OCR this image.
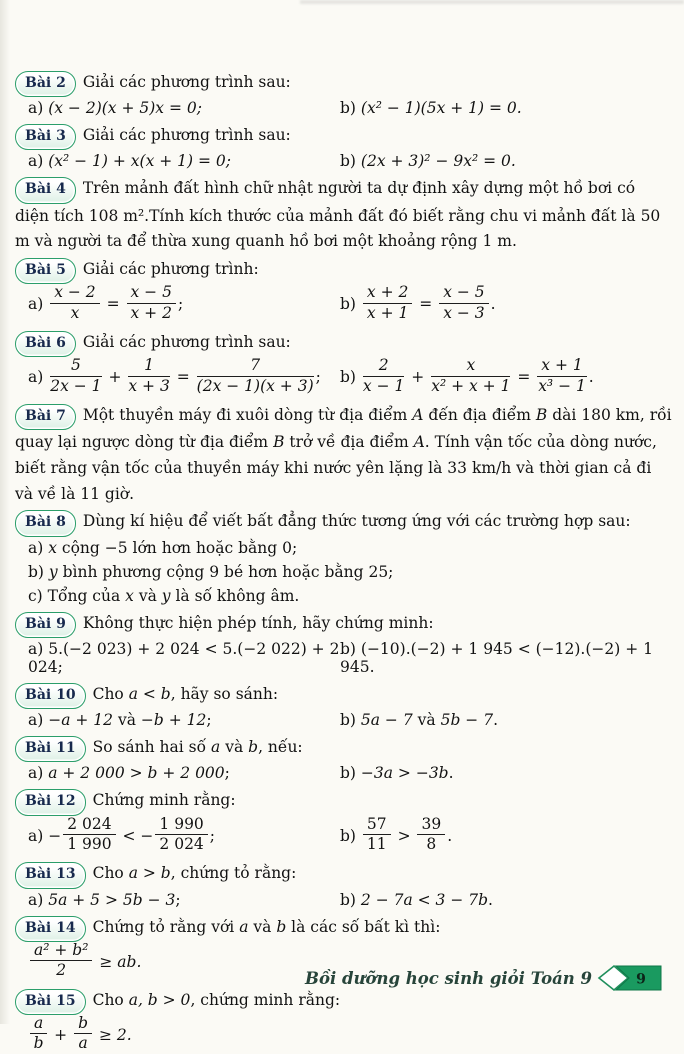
Bài 2 Giải các phương trình sau:

a) (x − 2)(x + 5)x = 0;	b) (x² − 1)(5x + 1) = 0.

Bài 3 Giải các phương trình sau:

a) (x² − 1) + x(x + 1) = 0;	b) (2x + 3)² − 9x² = 0.

Bài 4 Trên mảnh đất hình chữ nhật người ta dự định xây dựng một hồ bơi có diện tích 108 m².Tính kích thước của mảnh đất đó biết rằng chu vi mảnh đất là 50 m và người ta để thừa xung quanh hồ bơi một khoảng rộng 1 m.

Bài 5 Giải các phương trình:

$a) \frac{x - 2}{x} = \frac{x - 5}{x + 2}$ ;	$b) \frac{x + 2}{x + 1} = \frac{x - 5}{x - 3}$ .

Bài 6 Giải các phương trình sau:

$a) \frac{5}{2x - 1} + \frac{1}{x + 3} = \frac{7}{(2x - 1)(x + 3)}$ ;	$b) \frac{2}{x - 1} + \frac{x}{\text{x² + x + 1}} = \frac{x + 1}{\text{x³ − 1}}$ .

Bài 7 Một thuyền máy đi xuôi dòng từ địa điểm A đến địa điểm B dài 180 km, rồi quay lại ngược dòng từ địa điểm B trở về địa điểm A. Tính vận tốc của dòng nước, biết rằng vận tốc của thuyền máy khi nước yên lặng là 33 km/h và thời gian cả đi và về là 11 giờ.

Bài 8 Dùng kí hiệu để viết bất đẳng thức tương ứng với các trường hợp sau:

a) x cộng −5 lớn hơn hoặc bằng 0;
b) y bình phương cộng 9 bé hơn hoặc bằng 25;
c) Tổng của x và y là số không âm.

Bài 9 Không thực hiện phép tính, hãy chứng minh:

a) 5.(−2 023) + 2 024 < 5.(−2 022) + 2 024;
b) (−10).(−2) + 1 945 < (−12).(−2) + 1 945.

Bài 10 Cho a < b, hãy so sánh:

a) −a + 12 và −b + 12;	b) 5a − 7 và 5b − 7.

Bài 11 So sánh hai số a và b, nếu:

a) a + 2 000 > b + 2 000;	b) −3a > −3b.

Bài 12 Chứng minh rằng:

$a) - \frac{2 024}{1 990}$ < − $\frac{1 990}{2 024}$ ;	$b) \frac{57}{11} > \frac{39}{8}$ .

Bài 13 Cho a > b, chứng tỏ rằng:

a) 5a + 5 > 5b − 3;	b) 2 − 7a < 3 − 7b.

Bài 14 Chứng tỏ rằng với a và b là các số bất kì thì:

$\frac{\text{a² + b²}}{2}$ ≥ ab.

Bài 15 Cho a, b > 0, chứng minh rằng:

$\frac{a}{b} + \frac{b}{a} \ge 2$.
Bồi dưỡng học sinh giỏi Toán 9	9
